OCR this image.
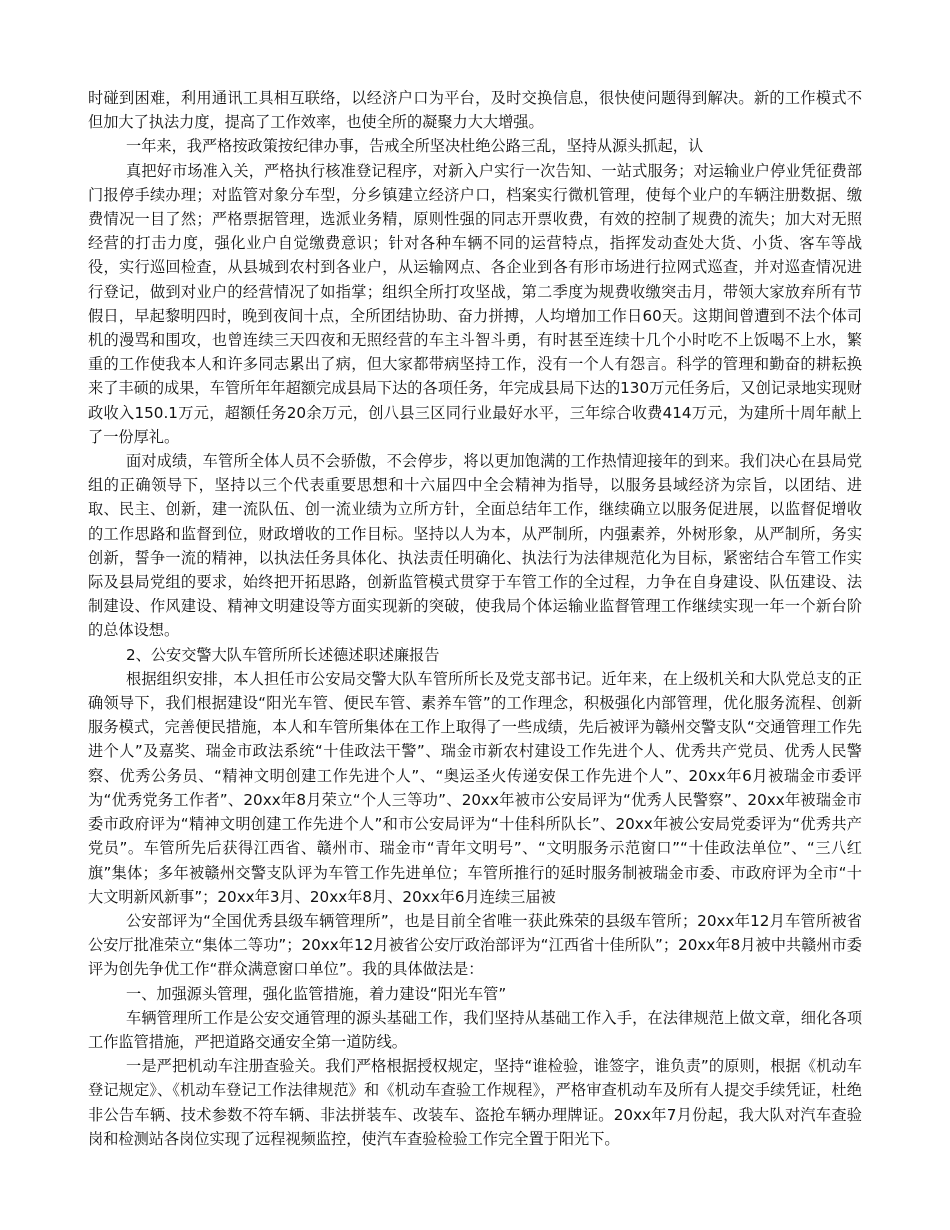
时碰到困难，利用通讯工具相互联络，以经济户口为平台，及时交换信息，很快使问题得到解决。新的工作模式不但加大了执法力度，提高了工作效率，也使全所的凝聚力大大增强。

一年来，我严格按政策按纪律办事，告戒全所坚决杜绝公路三乱，坚持从源头抓起，认

真把好市场准入关，严格执行核准登记程序，对新入户实行一次告知、一站式服务；对运输业户停业凭征费部门报停手续办理；对监管对象分车型，分乡镇建立经济户口，档案实行微机管理，使每个业户的车辆注册数据、缴费情况一目了然；严格票据管理，选派业务精，原则性强的同志开票收费，有效的控制了规费的流失；加大对无照经营的打击力度，强化业户自觉缴费意识；针对各种车辆不同的运营特点，指挥发动查处大货、小货、客车等战役，实行巡回检查，从县城到农村到各业户，从运输网点、各企业到各有形市场进行拉网式巡查，并对巡查情况进行登记，做到对业户的经营情况了如指掌；组织全所打攻坚战，第二季度为规费收缴突击月，带领大家放弃所有节假日，早起黎明四时，晚到夜间十点，全所团结协助、奋力拼搏，人均增加工作日60天。这期间曾遭到不法个体司机的漫骂和围攻，也曾连续三天四夜和无照经营的车主斗智斗勇，有时甚至连续十几个小时吃不上饭喝不上水，繁重的工作使我本人和许多同志累出了病，但大家都带病坚持工作，没有一个人有怨言。科学的管理和勤奋的耕耘换来了丰硕的成果，车管所年年超额完成县局下达的各项任务，年完成县局下达的130万元任务后，又创记录地实现财政收入150.1万元，超额任务20余万元，创八县三区同行业最好水平，三年综合收费414万元，为建所十周年献上了一份厚礼。

面对成绩，车管所全体人员不会骄傲，不会停步，将以更加饱满的工作热情迎接年的到来。我们决心在县局党组的正确领导下，坚持以三个代表重要思想和十六届四中全会精神为指导，以服务县域经济为宗旨，以团结、进取、民主、创新，建一流队伍、创一流业绩为立所方针，全面总结年工作，继续确立以服务促进展，以监督促增收的工作思路和监督到位，财政增收的工作目标。坚持以人为本，从严制所，内强素养，外树形象，从严制所，务实创新，誓争一流的精神，以执法任务具体化、执法责任明确化、执法行为法律规范化为目标，紧密结合车管工作实际及县局党组的要求，始终把开拓思路，创新监管模式贯穿于车管工作的全过程，力争在自身建设、队伍建设、法制建设、作风建设、精神文明建设等方面实现新的突破，使我局个体运输业监督管理工作继续实现一年一个新台阶的总体设想。

2、公安交警大队车管所所长述德述职述廉报告

根据组织安排，本人担任市公安局交警大队车管所所长及党支部书记。近年来，在上级机关和大队党总支的正确领导下，我们根据建设“阳光车管、便民车管、素养车管”的工作理念，积极强化内部管理，优化服务流程、创新服务模式，完善便民措施，本人和车管所集体在工作上取得了一些成绩，先后被评为赣州交警支队“交通管理工作先进个人”及嘉奖、瑞金市政法系统“十佳政法干警”、瑞金市新农村建设工作先进个人、优秀共产党员、优秀人民警察、优秀公务员、“精神文明创建工作先进个人”、“奥运圣火传递安保工作先进个人”、20xx年6月被瑞金市委评为“优秀党务工作者”、20xx年8月荣立“个人三等功”、20xx年被市公安局评为“优秀人民警察”、20xx年被瑞金市委市政府评为“精神文明创建工作先进个人”和市公安局评为“十佳科所队长”、20xx年被公安局党委评为“优秀共产党员”。车管所先后获得江西省、赣州市、瑞金市“青年文明号”、“文明服务示范窗口”“十佳政法单位”、“三八红旗”集体；多年被赣州交警支队评为车管工作先进单位；车管所推行的延时服务制被瑞金市委、市政府评为全市“十大文明新风新事”；20xx年3月、20xx年8月、20xx年6月连续三届被

公安部评为“全国优秀县级车辆管理所”，也是目前全省唯一获此殊荣的县级车管所；20xx年12月车管所被省公安厅批准荣立“集体二等功”；20xx年12月被省公安厅政治部评为“江西省十佳所队”；20xx年8月被中共赣州市委评为创先争优工作“群众满意窗口单位”。我的具体做法是：

一、加强源头管理，强化监管措施，着力建设“阳光车管”

车辆管理所工作是公安交通管理的源头基础工作，我们坚持从基础工作入手，在法律规范上做文章，细化各项工作监管措施，严把道路交通安全第一道防线。

一是严把机动车注册查验关。我们严格根据授权规定，坚持“谁检验，谁签字，谁负责”的原则，根据《机动车登记规定》、《机动车登记工作法律规范》和《机动车查验工作规程》，严格审查机动车及所有人提交手续凭证，杜绝非公告车辆、技术参数不符车辆、非法拼装车、改装车、盗抢车辆办理牌证。20xx年7月份起，我大队对汽车查验岗和检测站各岗位实现了远程视频监控，使汽车查验检验工作完全置于阳光下。
